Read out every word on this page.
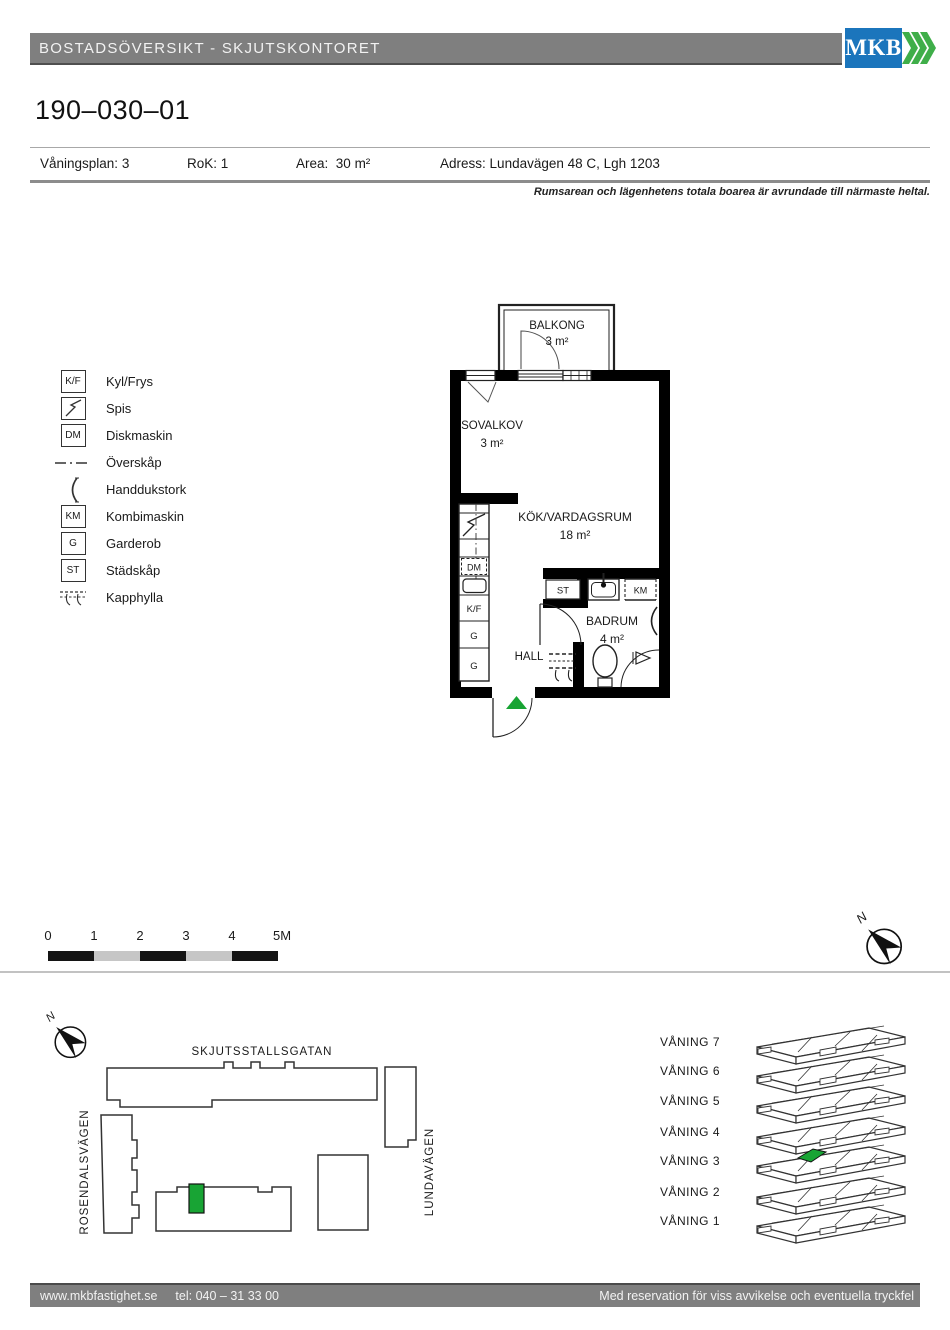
BOSTADSÖVERSIKT - SKJUTSKONTORET	MKB
190–030–01
Våningsplan: 3	RoK: 1	Area: 30 m²	Adress: Lundavägen 48 C, Lgh 1203
Rumsarean och lägenhetens totala boarea är avrundade till närmaste heltal.
K/F	Kyl/Frys
Spis
DM	Diskmaskin
Överskåp
Handdukstork
KM	Kombimaskin
G	Garderob
ST	Städskåp
Kapphylla
BALKONG
3 m²
SOVALKOV
3 m²
KÖK/VARDAGSRUM
18 m²
BADRUM
4 m²
HALL
DM
K/F
G
G
ST	KM
0	1	2	3	4	5M
N
N
SKJUTSSTALLSGATAN
ROSENDALSVÄGEN	LUNDAVÄGEN
VÅNING 7
VÅNING 6
VÅNING 5
VÅNING 4
VÅNING 3
VÅNING 2
VÅNING 1
www.mkbfastighet.se tel: 040 – 31 33 00	Med reservation för viss avvikelse och eventuella tryckfel
